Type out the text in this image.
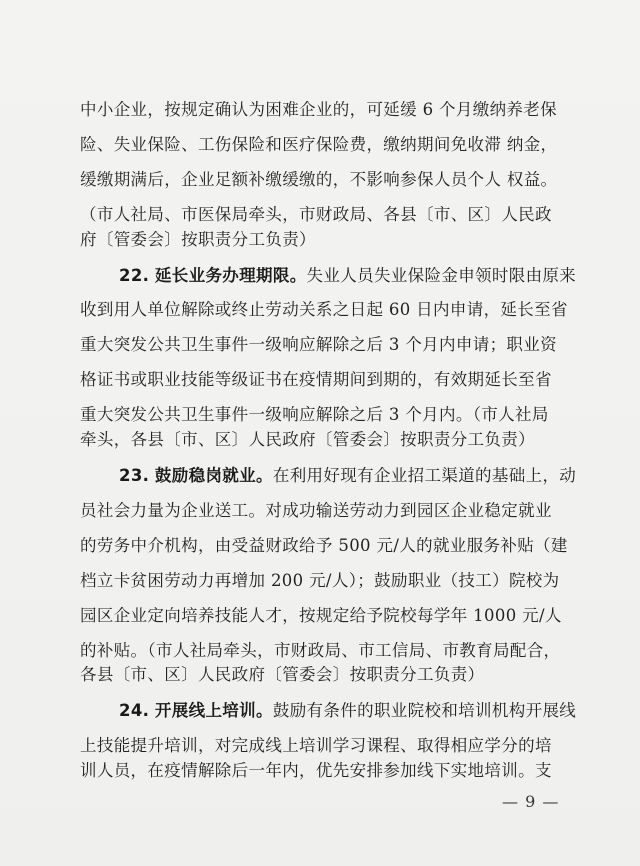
中小企业，按规定确认为困难企业的，可延缓 6 个月缴纳养老保
险、失业保险、工伤保险和医疗保险费，缴纳期间免收滞 纳金，
缓缴期满后，企业足额补缴缓缴的，不影响参保人员个人 权益。
（市人社局、市医保局牵头，市财政局、各县〔市、区〕人民政
府〔管委会〕按职责分工负责）
22. 延长业务办理期限。失业人员失业保险金申领时限由原来
收到用人单位解除或终止劳动关系之日起 60 日内申请，延长至省
重大突发公共卫生事件一级响应解除之后 3 个月内申请；职业资
格证书或职业技能等级证书在疫情期间到期的，有效期延长至省
重大突发公共卫生事件一级响应解除之后 3 个月内。（市人社局
牵头，各县〔市、区〕人民政府〔管委会〕按职责分工负责）
23. 鼓励稳岗就业。在利用好现有企业招工渠道的基础上，动
员社会力量为企业送工。对成功输送劳动力到园区企业稳定就业
的劳务中介机构，由受益财政给予 500 元/人的就业服务补贴（建
档立卡贫困劳动力再增加 200 元/人）；鼓励职业（技工）院校为
园区企业定向培养技能人才，按规定给予院校每学年 1000 元/人
的补贴。（市人社局牵头，市财政局、市工信局、市教育局配合，
各县〔市、区〕人民政府〔管委会〕按职责分工负责）
24. 开展线上培训。鼓励有条件的职业院校和培训机构开展线
上技能提升培训，对完成线上培训学习课程、取得相应学分的培
训人员，在疫情解除后一年内，优先安排参加线下实地培训。支
— 9 —
